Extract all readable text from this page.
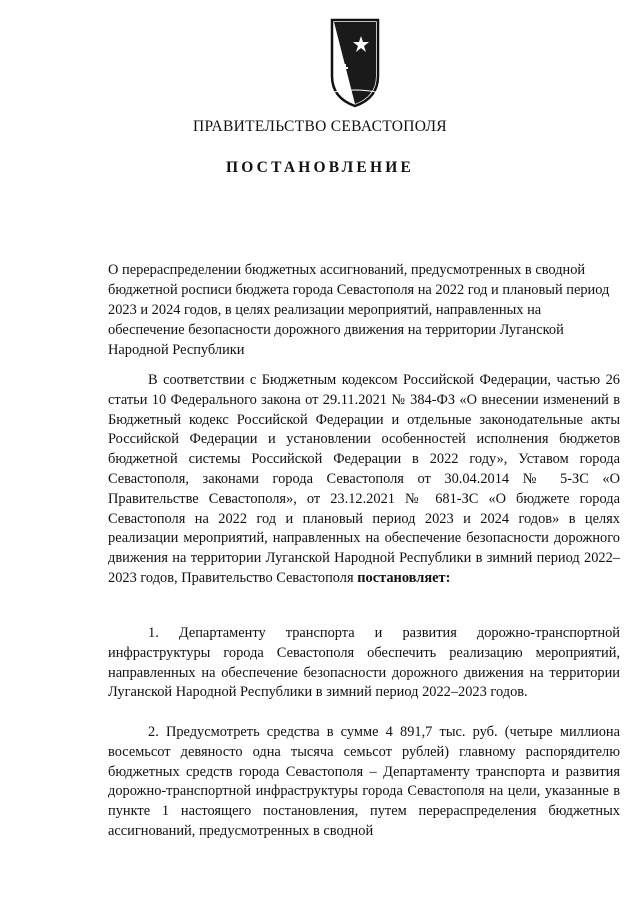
ПРАВИТЕЛЬСТВО СЕВАСТОПОЛЯ
ПОСТАНОВЛЕНИЕ
О перераспределении бюджетных ассигнований, предусмотренных в сводной бюджетной росписи бюджета города Севастополя на 2022 год и плановый период 2023 и 2024 годов, в целях реализации мероприятий, направленных на обеспечение безопасности дорожного движения на территории Луганской Народной Республики
В соответствии с Бюджетным кодексом Российской Федерации, частью 26 статьи 10 Федерального закона от 29.11.2021 № 384-ФЗ «О внесении изменений в Бюджетный кодекс Российской Федерации и отдельные законодательные акты Российской Федерации и установлении особенностей исполнения бюджетов бюджетной системы Российской Федерации в 2022 году», Уставом города Севастополя, законами города Севастополя от 30.04.2014 № 5-ЗС «О Правительстве Севастополя», от 23.12.2021 № 681-ЗС «О бюджете города Севастополя на 2022 год и плановый период 2023 и 2024 годов» в целях реализации мероприятий, направленных на обеспечение безопасности дорожного движения на территории Луганской Народной Республики в зимний период 2022–2023 годов, Правительство Севастополя постановляет:
1. Департаменту транспорта и развития дорожно-транспортной инфраструктуры города Севастополя обеспечить реализацию мероприятий, направленных на обеспечение безопасности дорожного движения на территории Луганской Народной Республики в зимний период 2022–2023 годов.
2. Предусмотреть средства в сумме 4 891,7 тыс. руб. (четыре миллиона восемьсот девяносто одна тысяча семьсот рублей) главному распорядителю бюджетных средств города Севастополя – Департаменту транспорта и развития дорожно-транспортной инфраструктуры города Севастополя на цели, указанные в пункте 1 настоящего постановления, путем перераспределения бюджетных ассигнований, предусмотренных в сводной
